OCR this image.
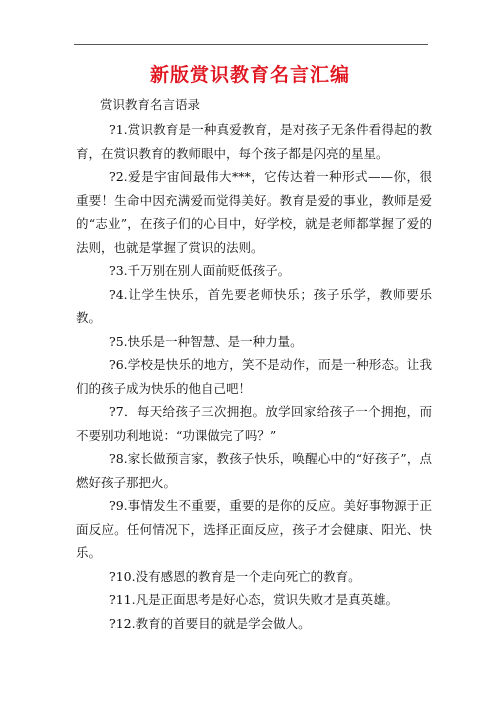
新版赏识教育名言汇编
赏识教育名言语录

?1.赏识教育是一种真爱教育，是对孩子无条件看得起的教育，在赏识教育的教师眼中，每个孩子都是闪亮的星星。

?2.爱是宇宙间最伟大***，它传达着一种形式——你，很重要！生命中因充满爱而觉得美好。教育是爱的事业，教师是爱的“志业”，在孩子们的心目中，好学校，就是老师都掌握了爱的法则，也就是掌握了赏识的法则。

?3.千万别在别人面前贬低孩子。

?4.让学生快乐，首先要老师快乐；孩子乐学，教师要乐教。

?5.快乐是一种智慧、是一种力量。

?6.学校是快乐的地方，笑不是动作，而是一种形态。让我们的孩子成为快乐的他自己吧！

?7．每天给孩子三次拥抱。放学回家给孩子一个拥抱，而不要别功利地说：“功课做完了吗？”

?8.家长做预言家，教孩子快乐，唤醒心中的“好孩子”，点燃好孩子那把火。

?9.事情发生不重要，重要的是你的反应。美好事物源于正面反应。任何情况下，选择正面反应，孩子才会健康、阳光、快乐。

?10.没有感恩的教育是一个走向死亡的教育。

?11.凡是正面思考是好心态，赏识失败才是真英雄。

?12.教育的首要目的就是学会做人。
